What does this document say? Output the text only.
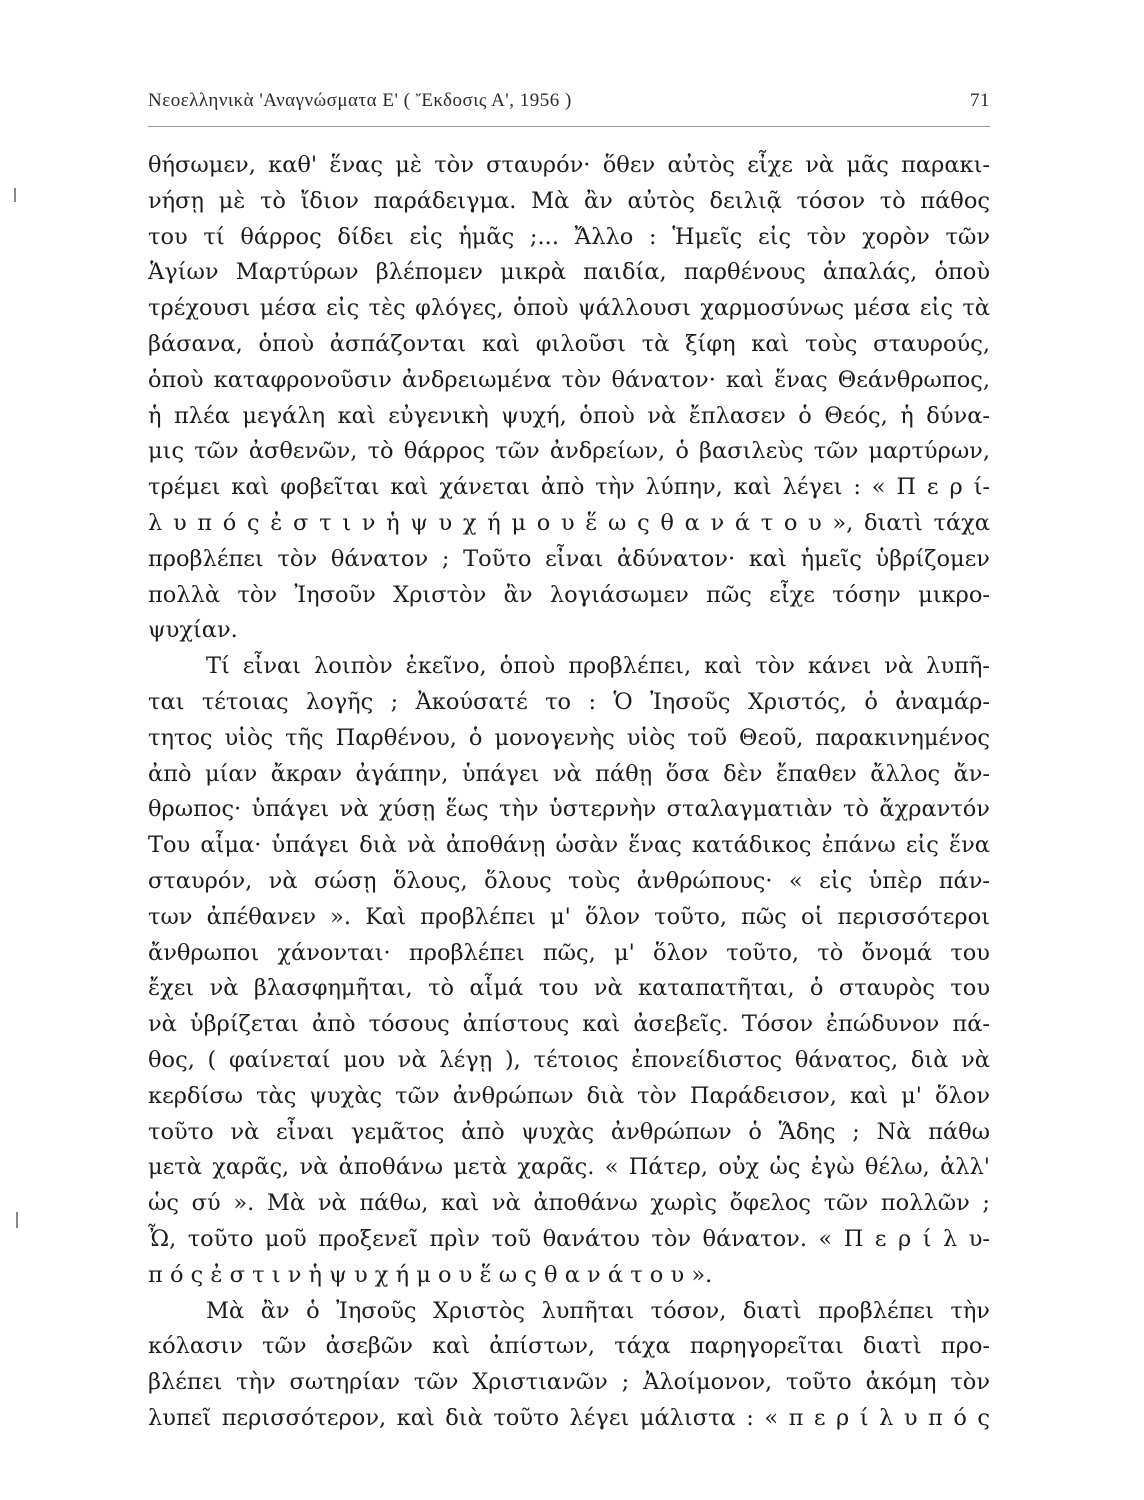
Νεοελληνικὰ 'Αναγνώσματα Ε' ( Ἔκδοσις Α', 1956 )	71
θήσωμεν, καθ' ἕνας μὲ τὸν σταυρόν· ὅθεν αὐτὸς εἶχε νὰ μᾶς παρακι-
νήσῃ μὲ τὸ ἴδιον παράδειγμα. Μὰ ἂν αὐτὸς δειλιᾷ τόσον τὸ πάθος
του τί θάρρος δίδει εἰς ἡμᾶς ;... Ἄλλο : Ἡμεῖς εἰς τὸν χορὸν τῶν
Ἁγίων Μαρτύρων βλέπομεν μικρὰ παιδία, παρθένους ἁπαλάς, ὁποὺ
τρέχουσι μέσα εἰς τὲς φλόγες, ὁποὺ ψάλλουσι χαρμοσύνως μέσα εἰς τὰ
βάσανα, ὁποὺ ἀσπάζονται καὶ φιλοῦσι τὰ ξίφη καὶ τοὺς σταυρούς,
ὁποὺ καταφρονοῦσιν ἀνδρειωμένα τὸν θάνατον· καὶ ἕνας Θεάνθρωπος,
ἡ πλέα μεγάλη καὶ εὐγενικὴ ψυχή, ὁποὺ νὰ ἔπλασεν ὁ Θεός, ἡ δύνα-
μις τῶν ἀσθενῶν, τὸ θάρρος τῶν ἀνδρείων, ὁ βασιλεὺς τῶν μαρτύρων,
τρέμει καὶ φοβεῖται καὶ χάνεται ἀπὸ τὴν λύπην, καὶ λέγει : « Π ε ρ ί-
λ υ π ό ς ἐ σ τ ι ν ἡ ψ υ χ ή μ ο υ ἕ ω ς θ α ν ά τ ο υ », διατὶ τάχα
προβλέπει τὸν θάνατον ; Τοῦτο εἶναι ἀδύνατον· καὶ ἡμεῖς ὑβρίζομεν
πολλὰ τὸν Ἰησοῦν Χριστὸν ἂν λογιάσωμεν πῶς εἶχε τόσην μικρο-
ψυχίαν.
Τί εἶναι λοιπὸν ἐκεῖνο, ὁποὺ προβλέπει, καὶ τὸν κάνει νὰ λυπῆ-
ται τέτοιας λογῆς ; Ἀκούσατέ το : Ὁ Ἰησοῦς Χριστός, ὁ ἀναμάρ-
τητος υἱὸς τῆς Παρθένου, ὁ μονογενὴς υἱὸς τοῦ Θεοῦ, παρακινημένος
ἀπὸ μίαν ἄκραν ἀγάπην, ὑπάγει νὰ πάθῃ ὅσα δὲν ἔπαθεν ἄλλος ἄν-
θρωπος· ὑπάγει νὰ χύσῃ ἕως τὴν ὑστερνὴν σταλαγματιὰν τὸ ἄχραντόν
Του αἷμα· ὑπάγει διὰ νὰ ἀποθάνῃ ὡσὰν ἕνας κατάδικος ἐπάνω εἰς ἕνα
σταυρόν, νὰ σώσῃ ὅλους, ὅλους τοὺς ἀνθρώπους· « εἰς ὑπὲρ πάν-
των ἀπέθανεν ». Καὶ προβλέπει μ' ὅλον τοῦτο, πῶς οἱ περισσότεροι
ἄνθρωποι χάνονται· προβλέπει πῶς, μ' ὅλον τοῦτο, τὸ ὄνομά του
ἔχει νὰ βλασφημῆται, τὸ αἷμά του νὰ καταπατῆται, ὁ σταυρὸς του
νὰ ὑβρίζεται ἀπὸ τόσους ἀπίστους καὶ ἀσεβεῖς. Τόσον ἐπώδυνον πά-
θος, ( φαίνεταί μου νὰ λέγῃ ), τέτοιος ἐπονείδιστος θάνατος, διὰ νὰ
κερδίσω τὰς ψυχὰς τῶν ἀνθρώπων διὰ τὸν Παράδεισον, καὶ μ' ὅλον
τοῦτο νὰ εἶναι γεμᾶτος ἀπὸ ψυχὰς ἀνθρώπων ὁ Ἅδης ; Νὰ πάθω
μετὰ χαρᾶς, νὰ ἀποθάνω μετὰ χαρᾶς. « Πάτερ, οὐχ ὡς ἐγὼ θέλω, ἀλλ'
ὡς σύ ». Μὰ νὰ πάθω, καὶ νὰ ἀποθάνω χωρὶς ὄφελος τῶν πολλῶν ;
Ὦ, τοῦτο μοῦ προξενεῖ πρὶν τοῦ θανάτου τὸν θάνατον. « Π ε ρ ί λ υ-
π ό ς ἐ σ τ ι ν ἡ ψ υ χ ή μ ο υ ἕ ω ς θ α ν ά τ ο υ ».
Μὰ ἂν ὁ Ἰησοῦς Χριστὸς λυπῆται τόσον, διατὶ προβλέπει τὴν
κόλασιν τῶν ἀσεβῶν καὶ ἀπίστων, τάχα παρηγορεῖται διατὶ προ-
βλέπει τὴν σωτηρίαν τῶν Χριστιανῶν ; Ἀλοίμονον, τοῦτο ἀκόμη τὸν
λυπεῖ περισσότερον, καὶ διὰ τοῦτο λέγει μάλιστα : « π ε ρ ί λ υ π ό ς
